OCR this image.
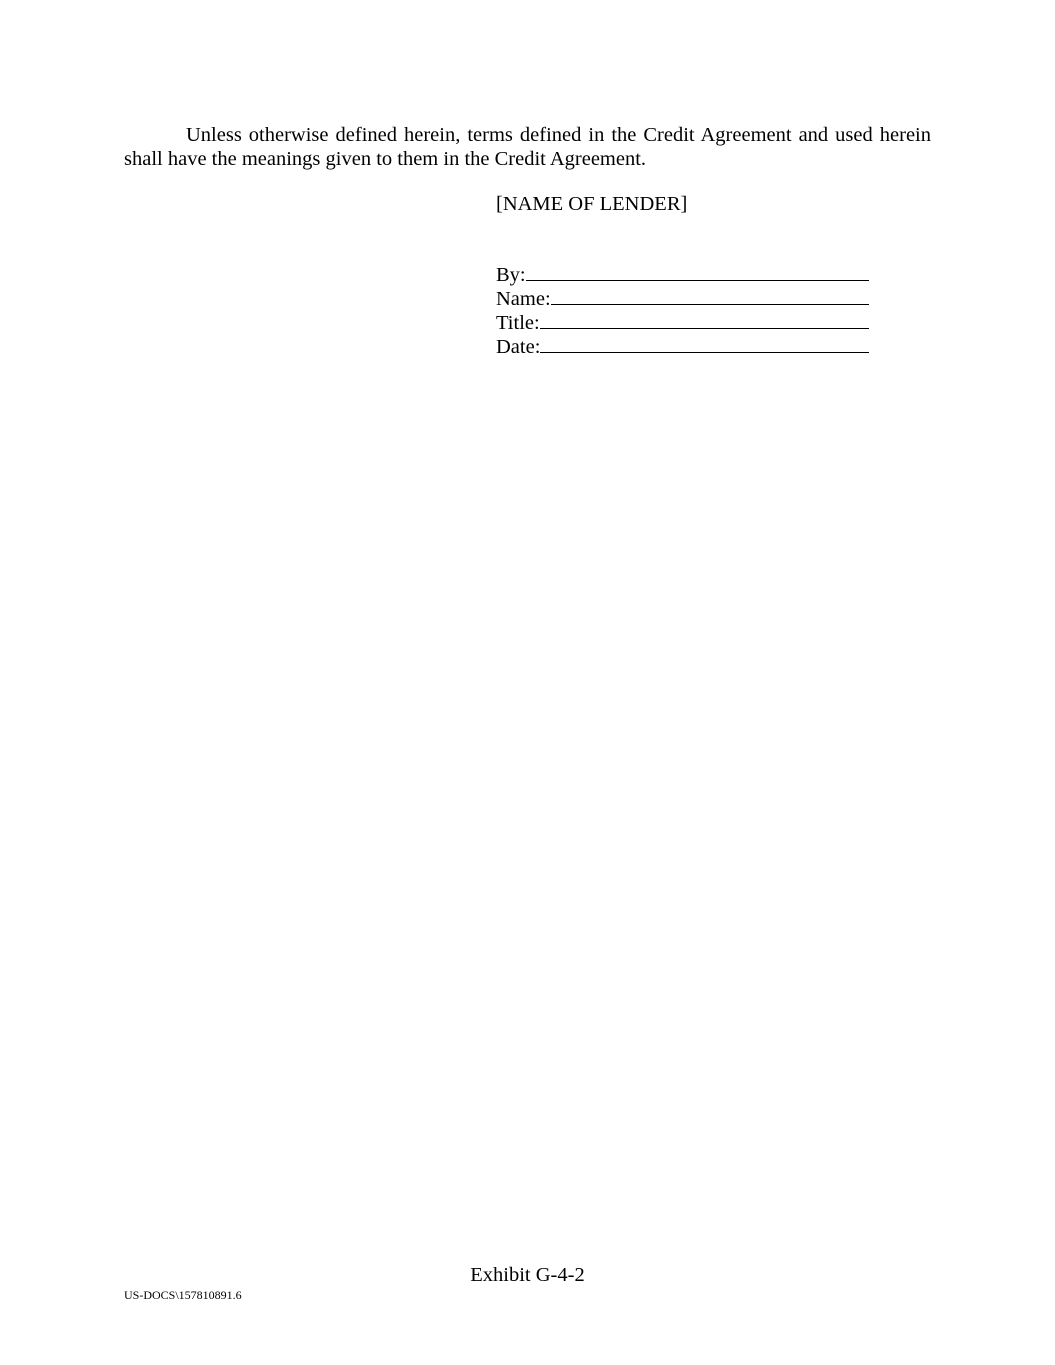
Unless otherwise defined herein, terms defined in the Credit Agreement and used herein shall have the meanings given to them in the Credit Agreement.

[NAME OF LENDER]
By:
Name:
Title:
Date:
Exhibit G-4-2
US-DOCS\157810891.6
